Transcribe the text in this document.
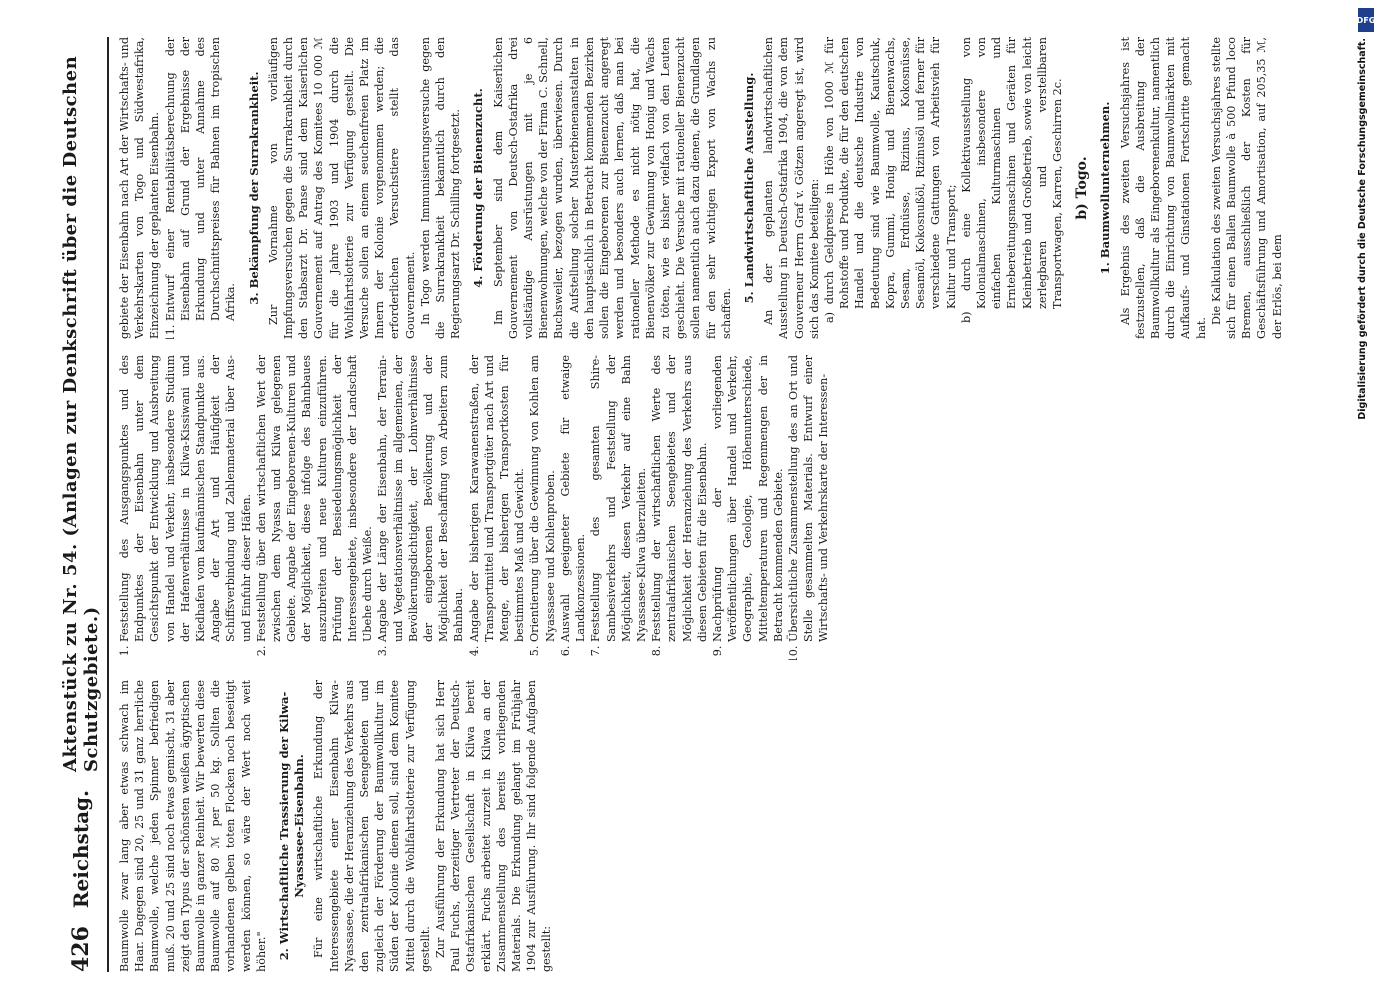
426
Reichstag.
Aktenstück zu Nr. 54. (Anlagen zur Denkschrift über die Deutschen Schutzgebiete.) Baumwolle zwar lang aber etwas schwach im Haar. Dagegen sind 20, 25 und 31 ganz herrliche Baumwolle, welche jeden Spinner befriedigen muß. 20 und 25 sind noch etwas gemischt, 31 aber zeigt den Typus der schönsten weißen ägyptischen Baumwolle in ganzer Reinheit. Wir bewerten diese Baumwolle auf 80 ℳ per 50 kg. Sollten die vorhandenen gelben toten Flocken noch beseitigt werden können, so wäre der Wert noch weit höher." 2. Wirtschaftliche Trassierung der Kilwa-Nyassasee-Eisenbahn. Für eine wirtschaftliche Erkundung der Interessengebiete einer Eisenbahn Kilwa-Nyassasee, die der Heranziehung des Verkehrs aus den zentralafrikanischen Seengebieten und zugleich der Förderung der Baumwollkultur im Süden der Kolonie dienen soll, sind dem Komitee Mittel durch die Wohlfahrtslotterie zur Verfügung gestellt. Zur Ausführung der Erkundung hat sich Herr Paul Fuchs, derzeitiger Vertreter der Deutsch-Ostafrikanischen Gesellschaft in Kilwa bereit erklärt. Fuchs arbeitet zurzeit in Kilwa an der Zusammenstellung des bereits vorliegenden Materials. Die Erkundung gelangt im Frühjahr 1904 zur Ausführung. Ihr sind folgende Aufgaben gestellt:

1. Feststellung des Ausgangspunktes und des Endpunktes der Eisenbahn unter dem Gesichtspunkt der Entwicklung und Ausbreitung von Handel und Verkehr, insbesondere Studium der Hafenverhältnisse in Kilwa-Kissiwani und Kiedhafen vom kaufmännischen Standpunkte aus. Angabe der Art und Häufigkeit der Schiffsverbindung und Zahlenmaterial über Aus- und Einfuhr dieser Häfen. 2. Feststellung über den wirtschaftlichen Wert der zwischen dem Nyassa und Kilwa gelegenen Gebiete. Angabe der Eingeborenen-Kulturen und der Möglichkeit, diese infolge des Bahnbaues auszubreiten und neue Kulturen einzuführen. Prüfung der Besiedelungsmöglichkeit der Interessengebiete, insbesondere der Landschaft Ubehe durch Weiße. 3. Angabe der Länge der Eisenbahn, der Terrain- und Vegetationsverhältnisse im allgemeinen, der Bevölkerungsdichtigkeit, der Lohnverhältnisse der eingeborenen Bevölkerung und der Möglichkeit der Beschaffung von Arbeitern zum Bahnbau. 4. Angabe der bisherigen Karawanenstraßen, der Transportmittel und Transportgüter nach Art und Menge, der bisherigen Transportkosten für bestimmtes Maß und Gewicht. 5. Orientierung über die Gewinnung von Kohlen am Nyassasee und Kohlenproben. 6. Auswahl geeigneter Gebiete für etwaige Landkonzessionen. 7. Feststellung des gesamten Shire-Sambesiverkehrs und Feststellung der Möglichkeit, diesen Verkehr auf eine Bahn Nyassasee-Kilwa überzuleiten. 8. Feststellung der wirtschaftlichen Werte des zentralafrikanischen Seengebietes und der Möglichkeit der Heranziehung des Verkehrs aus diesen Gebieten für die Eisenbahn. 9. Nachprüfung der vorliegenden Veröffentlichungen über Handel und Verkehr, Geographie, Geologie, Höhenunterschiede, Mitteltemperaturen und Regenmengen der in Betracht kommenden Gebiete. 10. Übersichtliche Zusammenstellung des an Ort und Stelle gesammelten Materials. Entwurf einer Wirtschafts- und Verkehrskarte der Interessen-

gebiete der Eisenbahn nach Art der Wirtschafts- und Verkehrskarten von Togo und Südwestafrika, Einzeichnung der geplanten Eisenbahn. 11. Entwurf einer Rentabilitätsberechnung der Eisenbahn auf Grund der Ergebnisse der Erkundung und unter Annahme des Durchschnittspreises für Bahnen im tropischen Afrika. 3. Bekämpfung der Surrakrankheit. Zur Vornahme von vorläufigen Impfungsversuchen gegen die Surrakrankheit durch den Stabsarzt Dr. Panse sind dem Kaiserlichen Gouvernement auf Antrag des Komitees 10 000 ℳ für die Jahre 1903 und 1904 durch die Wohlfahrtslotterie zur Verfügung gestellt. Die Versuche sollen an einem seuchenfreien Platz im Innern der Kolonie vorgenommen werden; die erforderlichen Versuchstiere stellt das Gouvernement. In Togo werden Immunisierungsversuche gegen die Surrakrankheit bekanntlich durch den Regierungsarzt Dr. Schilling fortgesetzt. 4. Förderung der Bienenzucht. Im September sind dem Kaiserlichen Gouvernement von Deutsch-Ostafrika drei vollständige Ausrüstungen mit je 6 Bienenwohnungen, welche von der Firma C. Schnell, Buchsweiler, bezogen wurden, überwiesen. Durch die Aufstellung solcher Musterbienenanstalten in den hauptsächlich in Betracht kommenden Bezirken sollen die Eingeborenen zur Bienenzucht angeregt werden und besonders auch lernen, daß man bei rationeller Methode es nicht nötig hat, die Bienenvölker zur Gewinnung von Honig und Wachs zu töten, wie es bisher vielfach von den Leuten geschieht. Die Versuche mit rationeller Bienenzucht sollen namentlich auch dazu dienen, die Grundlagen für den sehr wichtigen Export von Wachs zu schaffen.

5. Landwirtschaftliche Ausstellung. An der geplanten landwirtschaftlichen Ausstellung in Deutsch-Ostafrika 1904, die von dem Gouverneur Herrn Graf v. Götzen angeregt ist, wird sich das Komitee beteiligen: a) durch Geldpreise in Höhe von 1000 ℳ für Rohstoffe und Produkte, die für den deutschen Handel und die deutsche Industrie von Bedeutung sind wie Baumwolle, Kautschuk, Kopra, Gummi, Honig und Bienenwachs, Sesam, Erdnüsse, Rizinus, Kokosnüsse, Sesamöl, Kokosnußöl, Rizinusöl und ferner für verschiedene Gattungen von Arbeitsvieh für Kultur und Transport; b) durch eine Kollektivausstellung von Kolonialmaschinen, insbesondere von einfachen Kulturmaschinen und Erntebereitungsmaschinen und Geräten für Kleinbetrieb und Großbetrieb, sowie von leicht zerlegbaren und verstellbaren Transportwagen, Karren, Geschirren 2c. b) Togo. 1. Baumwollunternehmen. Als Ergebnis des zweiten Versuchsjahres ist festzustellen, daß die Ausbreitung der Baumwollkultur als Eingeborenenkultur, namentlich durch die Einrichtung von Baumwollmärkten mit Aufkaufs- und Ginstationen Fortschritte gemacht hat.

Die Kalkulation des zweiten Versuchsjahres stellte sich für einen Ballen Baumwolle à 500 Pfund loco Bremen, ausschließlich der Kosten für Geschäftsführung und Amortisation, auf 205,35 ℳ, der Erlös, bei dem

DFG
Digitalisierung gefördert durch die Deutsche Forschungsgemeinschaft.
